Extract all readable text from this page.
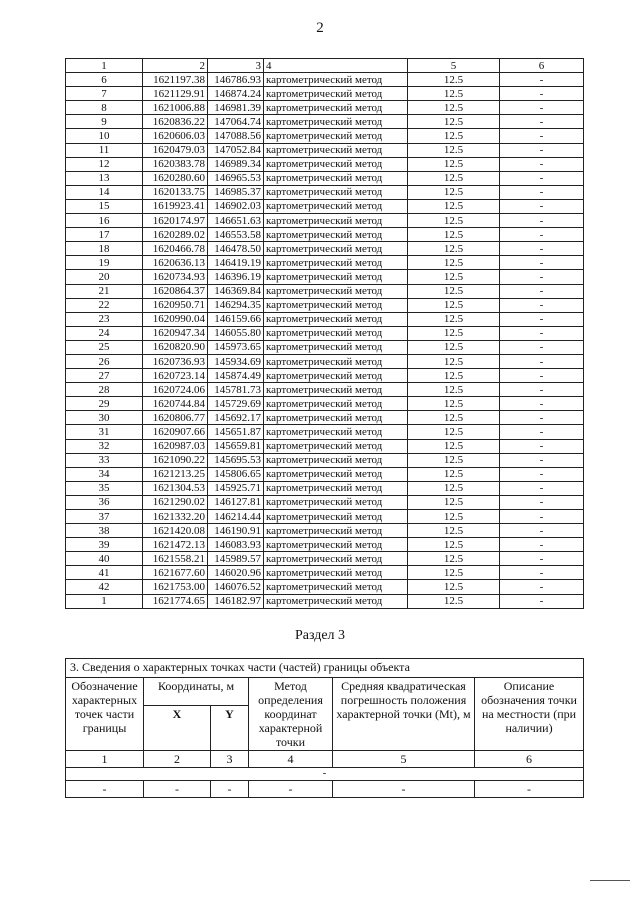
2
1	2	3	4	5	6
6	1621197.38	146786.93	картометрический метод	12.5	-
7	1621129.91	146874.24	картометрический метод	12.5	-
8	1621006.88	146981.39	картометрический метод	12.5	-
9	1620836.22	147064.74	картометрический метод	12.5	-
10	1620606.03	147088.56	картометрический метод	12.5	-
11	1620479.03	147052.84	картометрический метод	12.5	-
12	1620383.78	146989.34	картометрический метод	12.5	-
13	1620280.60	146965.53	картометрический метод	12.5	-
14	1620133.75	146985.37	картометрический метод	12.5	-
15	1619923.41	146902.03	картометрический метод	12.5	-
16	1620174.97	146651.63	картометрический метод	12.5	-
17	1620289.02	146553.58	картометрический метод	12.5	-
18	1620466.78	146478.50	картометрический метод	12.5	-
19	1620636.13	146419.19	картометрический метод	12.5	-
20	1620734.93	146396.19	картометрический метод	12.5	-
21	1620864.37	146369.84	картометрический метод	12.5	-
22	1620950.71	146294.35	картометрический метод	12.5	-
23	1620990.04	146159.66	картометрический метод	12.5	-
24	1620947.34	146055.80	картометрический метод	12.5	-
25	1620820.90	145973.65	картометрический метод	12.5	-
26	1620736.93	145934.69	картометрический метод	12.5	-
27	1620723.14	145874.49	картометрический метод	12.5	-
28	1620724.06	145781.73	картометрический метод	12.5	-
29	1620744.84	145729.69	картометрический метод	12.5	-
30	1620806.77	145692.17	картометрический метод	12.5	-
31	1620907.66	145651.87	картометрический метод	12.5	-
32	1620987.03	145659.81	картометрический метод	12.5	-
33	1621090.22	145695.53	картометрический метод	12.5	-
34	1621213.25	145806.65	картометрический метод	12.5	-
35	1621304.53	145925.71	картометрический метод	12.5	-
36	1621290.02	146127.81	картометрический метод	12.5	-
37	1621332.20	146214.44	картометрический метод	12.5	-
38	1621420.08	146190.91	картометрический метод	12.5	-
39	1621472.13	146083.93	картометрический метод	12.5	-
40	1621558.21	145989.57	картометрический метод	12.5	-
41	1621677.60	146020.96	картометрический метод	12.5	-
42	1621753.00	146076.52	картометрический метод	12.5	-
1	1621774.65	146182.97	картометрический метод	12.5	-
Раздел 3
3. Сведения о характерных точках части (частей) границы объекта					
Обозначение характерных точек части границы	Координаты, м		Метод определения координат характерной точки	Средняя квадратическая погрешность положения характерной точки (Mt), м	Описание обозначения точки на местности (при наличии)
	X	Y			
1	2	3	4	5	6
-					
-	-	-	-	-	-
